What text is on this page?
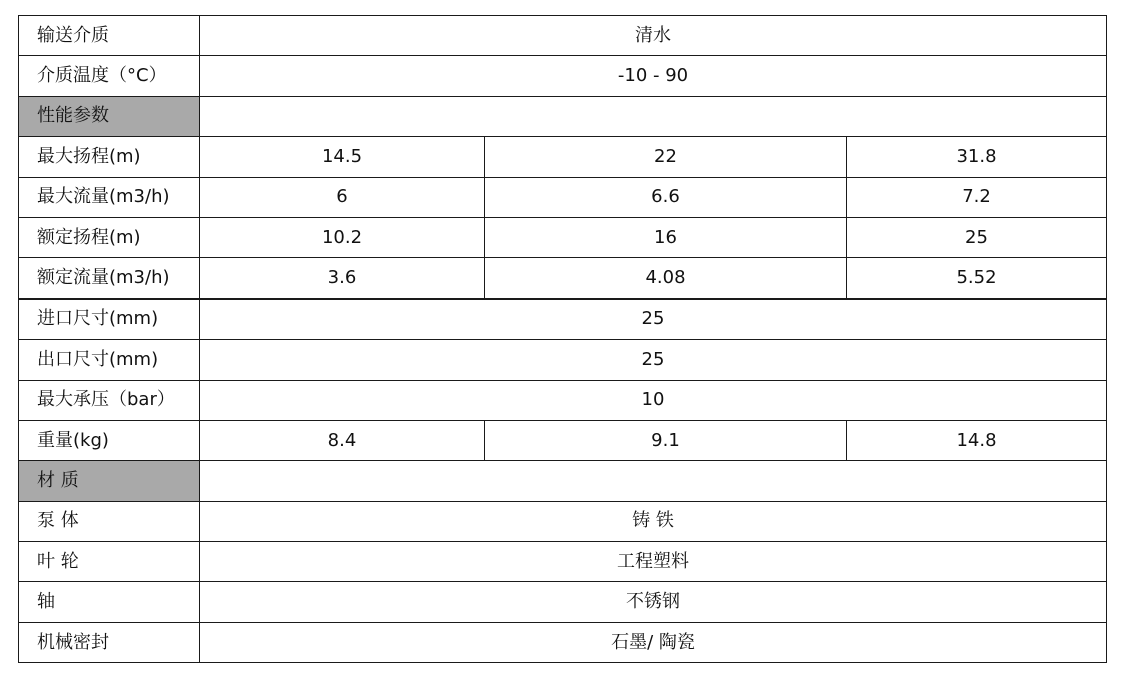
输送介质	清水		
介质温度（°C）	-10 - 90		
性能参数			
最大扬程(m)	14.5	22	31.8
最大流量(m3/h)	6	6.6	7.2
额定扬程(m)	10.2	16	25
额定流量(m3/h)	3.6	4.08	5.52
进口尺寸(mm)	25		
出口尺寸(mm)	25		
最大承压（bar）	10		
重量(kg)	8.4	9.1	14.8
材 质			
泵 体	铸 铁		
叶 轮	工程塑料		
轴	不锈钢		
机械密封	石墨/ 陶瓷		
